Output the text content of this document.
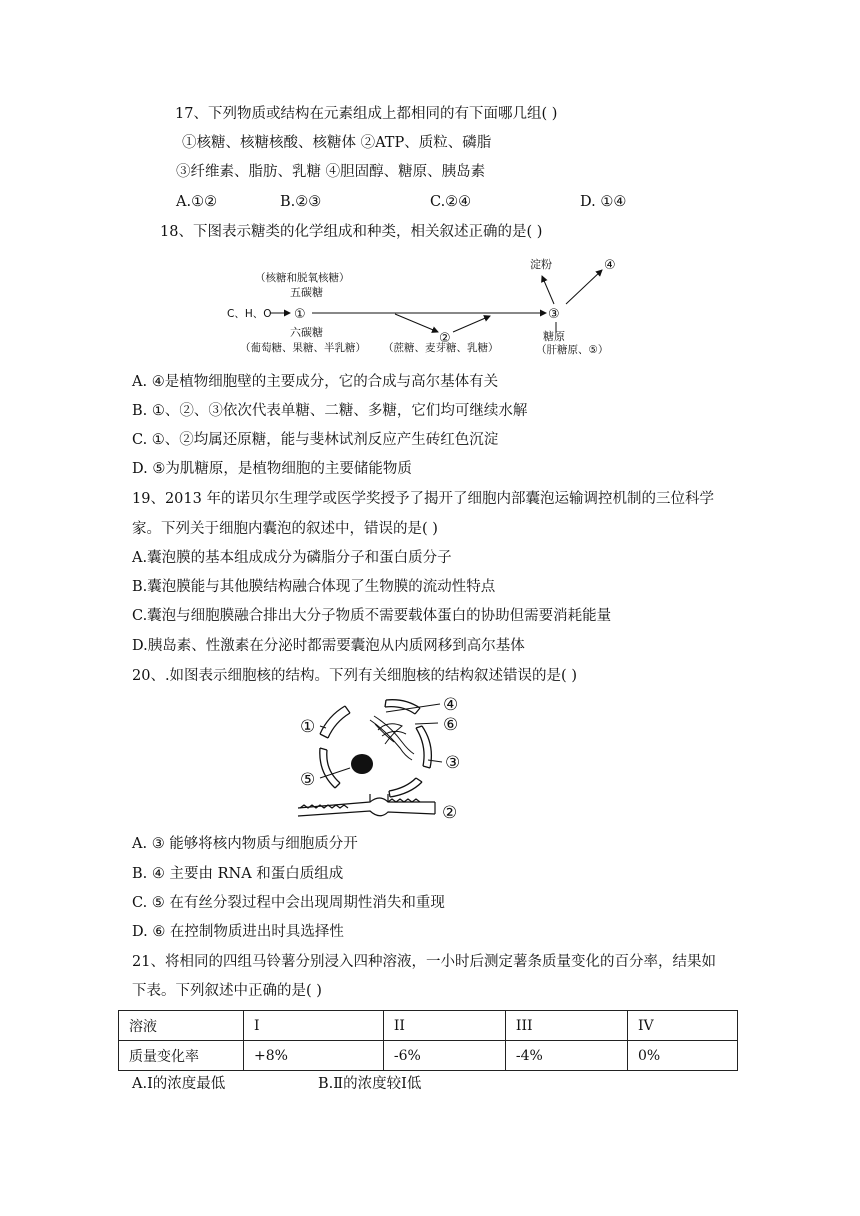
17、下列物质或结构在元素组成上都相同的有下面哪几组( )
①核糖、核糖核酸、核糖体 ②ATP、质粒、磷脂
③纤维素、脂肪、乳糖 ④胆固醇、糖原、胰岛素
A.①②	B.②③	C.②④	D. ①④
18、下图表示糖类的化学组成和种类，相关叙述正确的是( )
（核糖和脱氧核糖）
五碳糖
C、H、O ①
六碳糖
（葡萄糖、果糖、半乳糖）
②
（蔗糖、麦芽糖、乳糖）
淀粉	④
③
糖原
（肝糖原、⑤）
A. ④是植物细胞壁的主要成分，它的合成与高尔基体有关
B. ①、②、③依次代表单糖、二糖、多糖，它们均可继续水解
C. ①、②均属还原糖，能与斐林试剂反应产生砖红色沉淀
D. ⑤为肌糖原，是植物细胞的主要储能物质
19、2013 年的诺贝尔生理学或医学奖授予了揭开了细胞内部囊泡运输调控机制的三位科学
家。下列关于细胞内囊泡的叙述中，错误的是( )
A.囊泡膜的基本组成成分为磷脂分子和蛋白质分子
B.囊泡膜能与其他膜结构融合体现了生物膜的流动性特点
C.囊泡与细胞膜融合排出大分子物质不需要载体蛋白的协助但需要消耗能量
D.胰岛素、性激素在分泌时都需要囊泡从内质网移到高尔基体
20、.如图表示细胞核的结构。下列有关细胞核的结构叙述错误的是( )
①
④
⑥
③
⑤
②
A. ③ 能够将核内物质与细胞质分开
B. ④ 主要由 RNA 和蛋白质组成
C. ⑤ 在有丝分裂过程中会出现周期性消失和重现
D. ⑥ 在控制物质进出时具选择性
21、将相同的四组马铃薯分别浸入四种溶液，一小时后测定薯条质量变化的百分率，结果如
下表。下列叙述中正确的是( )
溶液	I	II	III	IV
质量变化率	+8%	-6%	-4%	0%
A.Ⅰ的浓度最低	B.Ⅱ的浓度较Ⅰ低
